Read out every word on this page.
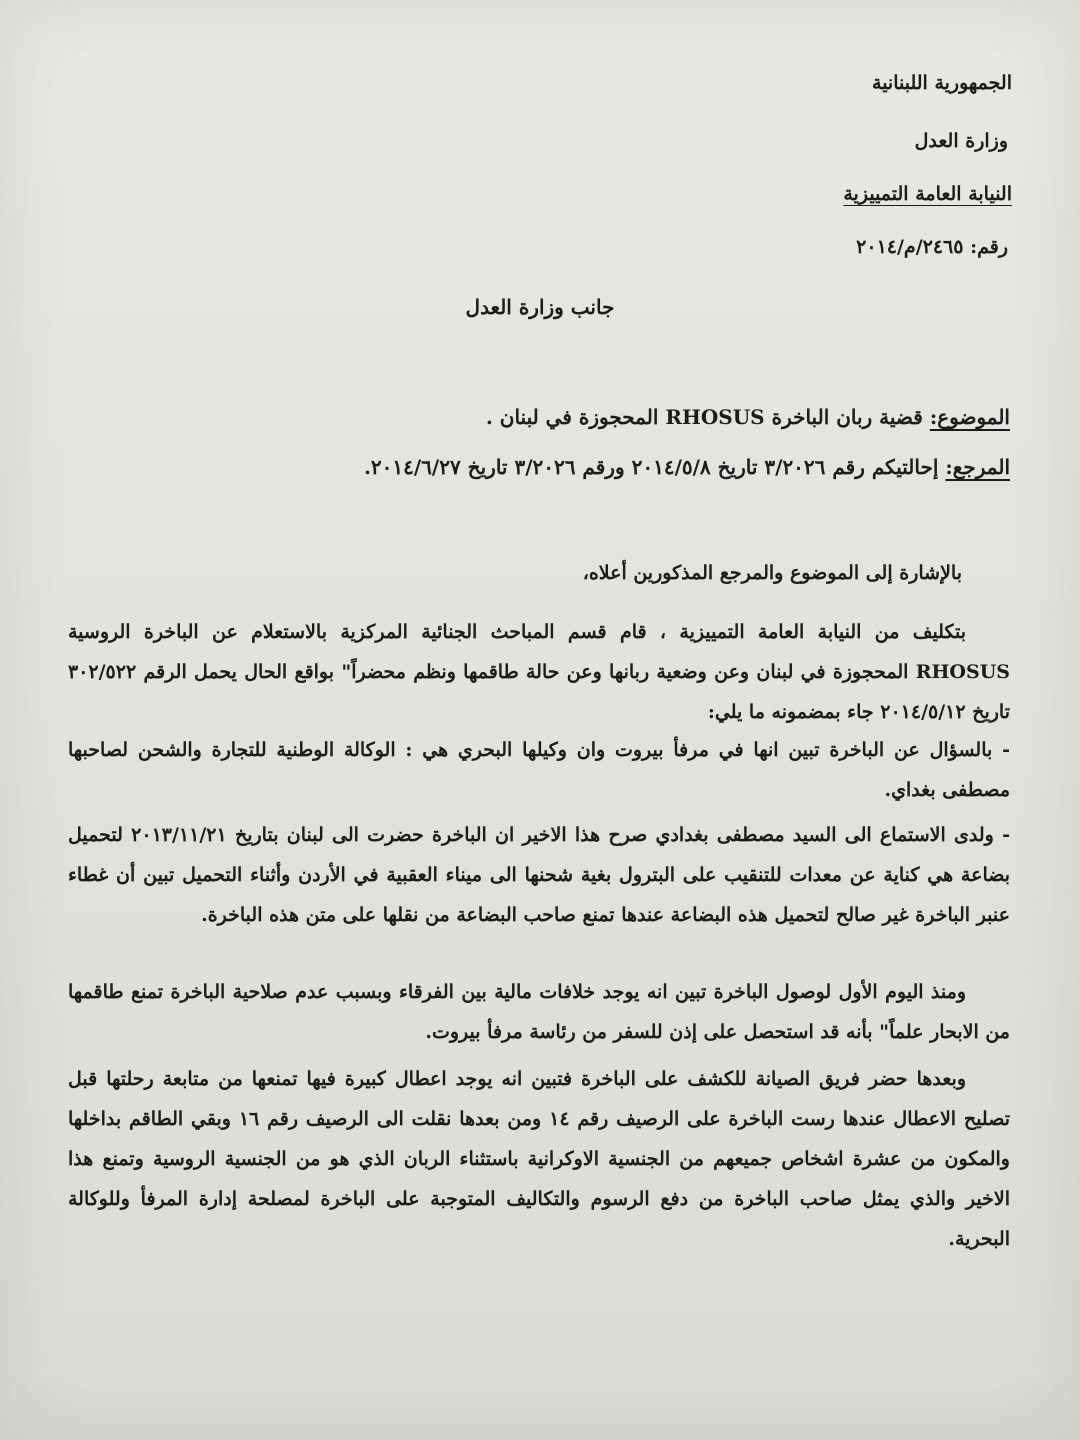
الجمهورية اللبنانية
وزارة العدل
النيابة العامة التمييزية
رقم: ٢٤٦٥/م/٢٠١٤
جانب وزارة العدل
الموضوع: قضية ربان الباخرة RHOSUS المحجوزة في لبنان .
المرجع: إحالتيكم رقم ٣/٢٠٢٦ تاريخ ٢٠١٤/٥/٨ ورقم ٣/٢٠٢٦ تاريخ ٢٠١٤/٦/٢٧.
بالإشارة إلى الموضوع والمرجع المذكورين أعلاه،
بتكليف من النيابة العامة التمييزية ، قام قسم المباحث الجنائية المركزية بالاستعلام عن الباخرة الروسية RHOSUS المحجوزة في لبنان وعن وضعية ربانها وعن حالة طاقمها ونظم محضراً" بواقع الحال يحمل الرقم ٣٠٢/٥٢٢ تاريخ ٢٠١٤/٥/١٢ جاء بمضمونه ما يلي:
- بالسؤال عن الباخرة تبين انها في مرفأ بيروت وان وكيلها البحري هي : الوكالة الوطنية للتجارة والشحن لصاحبها مصطفى بغداي.
- ولدى الاستماع الى السيد مصطفى بغدادي صرح هذا الاخير ان الباخرة حضرت الى لبنان بتاريخ ٢٠١٣/١١/٢١ لتحميل بضاعة هي كناية عن معدات للتنقيب على البترول بغية شحنها الى ميناء العقبية في الأردن وأثناء التحميل تبين أن غطاء عنبر الباخرة غير صالح لتحميل هذه البضاعة عندها تمنع صاحب البضاعة من نقلها على متن هذه الباخرة.
ومنذ اليوم الأول لوصول الباخرة تبين انه يوجد خلافات مالية بين الفرقاء وبسبب عدم صلاحية الباخرة تمنع طاقمها من الابحار علماً" بأنه قد استحصل على إذن للسفر من رئاسة مرفأ بيروت.
وبعدها حضر فريق الصيانة للكشف على الباخرة فتبين انه يوجد اعطال كبيرة فيها تمنعها من متابعة رحلتها قبل تصليح الاعطال عندها رست الباخرة على الرصيف رقم ١٤ ومن بعدها نقلت الى الرصيف رقم ١٦ وبقي الطاقم بداخلها والمكون من عشرة اشخاص جميعهم من الجنسية الاوكرانية باستثناء الربان الذي هو من الجنسية الروسية وتمنع هذا الاخير والذي يمثل صاحب الباخرة من دفع الرسوم والتكاليف المتوجبة على الباخرة لمصلحة إدارة المرفأ وللوكالة البحرية.
